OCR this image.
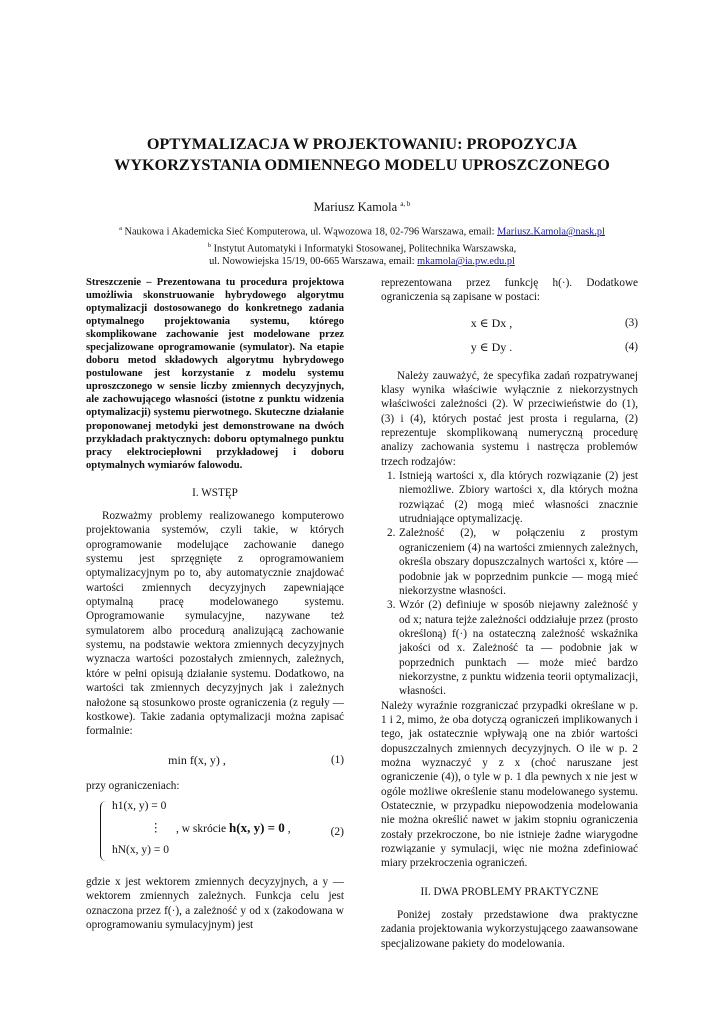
OPTYMALIZACJA W PROJEKTOWANIU: PROPOZYCJA
WYKORZYSTANIA ODMIENNEGO MODELU UPROSZCZONEGO
Mariusz Kamola $^{a, b}$
$^a$ Naukowa i Akademicka Sieć Komputerowa, ul. Wąwozowa 18, 02-796 Warszawa, email: Mariusz.Kamola@nask.pl
$^b$ Instytut Automatyki i Informatyki Stosowanej, Politechnika Warszawska,
ul. Nowowiejska 15/19, 00-665 Warszawa, email: mkamola@ia.pw.edu.pl

Streszczenie – Prezentowana tu procedura projektowa umożliwia skonstruowanie hybrydowego algorytmu optymalizacji dostosowanego do konkretnego zadania optymalnego projektowania systemu, którego skomplikowane zachowanie jest modelowane przez specjalizowane oprogramowanie (symulator). Na etapie doboru metod składowych algorytmu hybrydowego postulowane jest korzystanie z modelu systemu uproszczonego w sensie liczby zmiennych decyzyjnych, ale zachowującego własności (istotne z punktu widzenia optymalizacji) systemu pierwotnego. Skuteczne działanie proponowanej metodyki jest demonstrowane na dwóch przykładach praktycznych: doboru optymalnego punktu pracy elektrociepłowni przykładowej i doboru optymalnych wymiarów falowodu.

I. WSTĘP

Rozważmy problemy realizowanego komputerowo projektowania systemów, czyli takie, w których oprogramowanie modelujące zachowanie danego systemu jest sprzęgnięte z oprogramowaniem optymalizacyjnym po to, aby automatycznie znajdować wartości zmiennych decyzyjnych zapewniające optymalną pracę modelowanego systemu. Oprogramowanie symulacyjne, nazywane też symulatorem albo procedurą analizującą zachowanie systemu, na podstawie wektora zmiennych decyzyjnych wyznacza wartości pozostałych zmiennych, zależnych, które w pełni opisują działanie systemu. Dodatkowo, na wartości tak zmiennych decyzyjnych jak i zależnych nałożone są stosunkowo proste ograniczenia (z reguły — kostkowe). Takie zadania optymalizacji można zapisać formalnie:

min f(x, y) ,	(1)

przy ograniczeniach:

h1(x, y) = 0
⋮
hN(x, y) = 0
, w skrócie h(x, y) = 0 ,	(2)

gdzie x jest wektorem zmiennych decyzyjnych, a y — wektorem zmiennych zależnych. Funkcja celu jest oznaczona przez f(·), a zależność y od x (zakodowana w oprogramowaniu symulacyjnym) jest

reprezentowana przez funkcję h(·). Dodatkowe ograniczenia są zapisane w postaci:

x ∈ Dx ,	(3)
y ∈ Dy .	(4)

Należy zauważyć, że specyfika zadań rozpatrywanej klasy wynika właściwie wyłącznie z niekorzystnych właściwości zależności (2). W przeciwieństwie do (1), (3) i (4), których postać jest prosta i regularna, (2) reprezentuje skomplikowaną numeryczną procedurę analizy zachowania systemu i nastręcza problemów trzech rodzajów:

1. Istnieją wartości x, dla których rozwiązanie (2) jest niemożliwe. Zbiory wartości x, dla których można rozwiązać (2) mogą mieć własności znacznie utrudniające optymalizację.
2. Zależność (2), w połączeniu z prostym ograniczeniem (4) na wartości zmiennych zależnych, określa obszary dopuszczalnych wartości x, które — podobnie jak w poprzednim punkcie — mogą mieć niekorzystne własności.
3. Wzór (2) definiuje w sposób niejawny zależność y od x; natura tejże zależności oddziałuje przez (prosto określoną) f(·) na ostateczną zależność wskaźnika jakości od x. Zależność ta — podobnie jak w poprzednich punktach — może mieć bardzo niekorzystne, z punktu widzenia teorii optymalizacji, własności.

Należy wyraźnie rozgraniczać przypadki określane w p. 1 i 2, mimo, że oba dotyczą ograniczeń implikowanych i tego, jak ostatecznie wpływają one na zbiór wartości dopuszczalnych zmiennych decyzyjnych. O ile w p. 2 można wyznaczyć y z x (choć naruszane jest ograniczenie (4)), o tyle w p. 1 dla pewnych x nie jest w ogóle możliwe określenie stanu modelowanego systemu. Ostatecznie, w przypadku niepowodzenia modelowania nie można określić nawet w jakim stopniu ograniczenia zostały przekroczone, bo nie istnieje żadne wiarygodne rozwiązanie y symulacji, więc nie można zdefiniować miary przekroczenia ograniczeń.

II. DWA PROBLEMY PRAKTYCZNE

Poniżej zostały przedstawione dwa praktyczne zadania projektowania wykorzystującego zaawansowane specjalizowane pakiety do modelowania.
